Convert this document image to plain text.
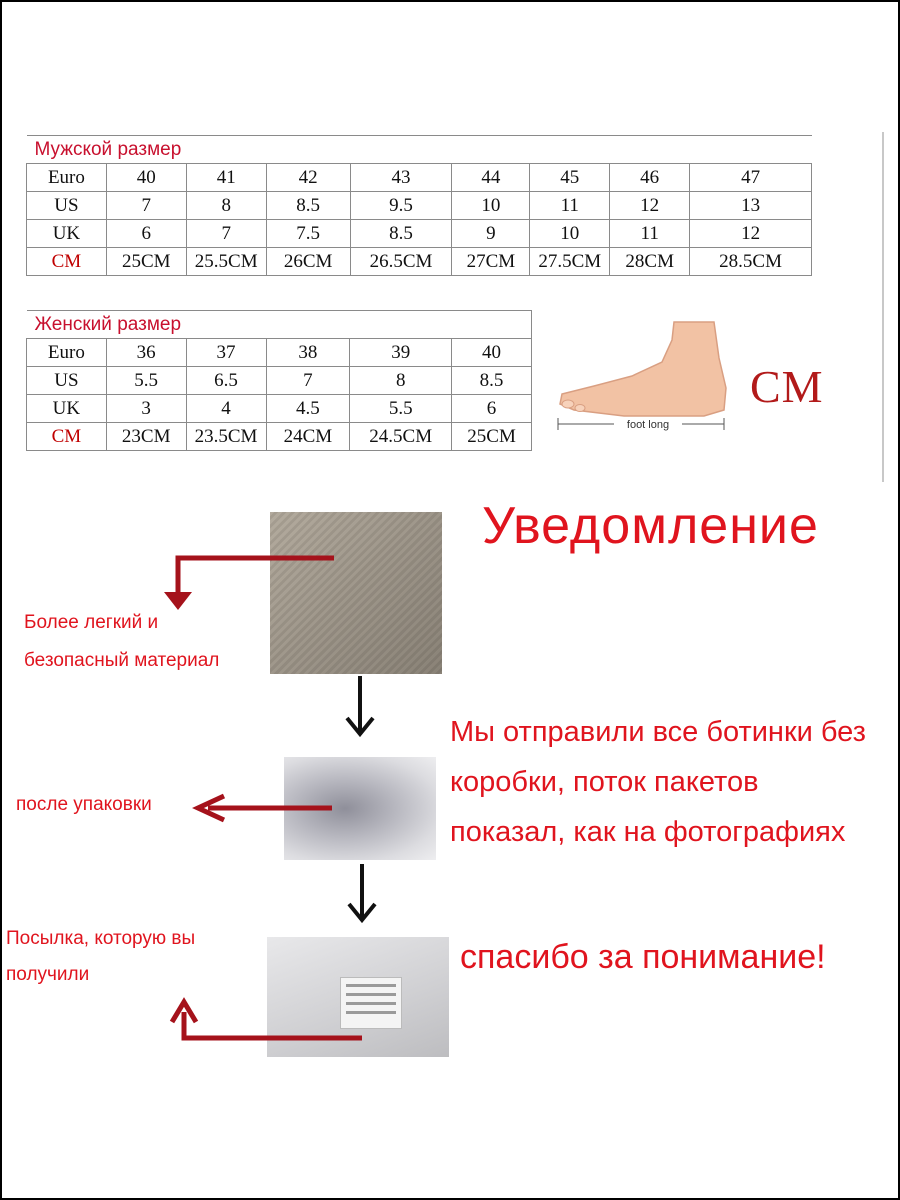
Мужской размер								
Euro	40	41	42	43	44	45	46	47
US	7	8	8.5	9.5	10	11	12	13
UK	6	7	7.5	8.5	9	10	11	12
CM	25CM	25.5CM	26CM	26.5CM	27CM	27.5CM	28CM	28.5CM
Женский размер					
Euro	36	37	38	39	40
US	5.5	6.5	7	8	8.5
UK	3	4	4.5	5.5	6
CM	23CM	23.5CM	24CM	24.5CM	25CM
foot long
CM
Уведомление
Более легкий и
безопасный материал
после упаковки
Посылка, которую вы
получили
Мы отправили все ботинки без
коробки, поток пакетов
показал, как на фотографиях
спасибо за понимание!
